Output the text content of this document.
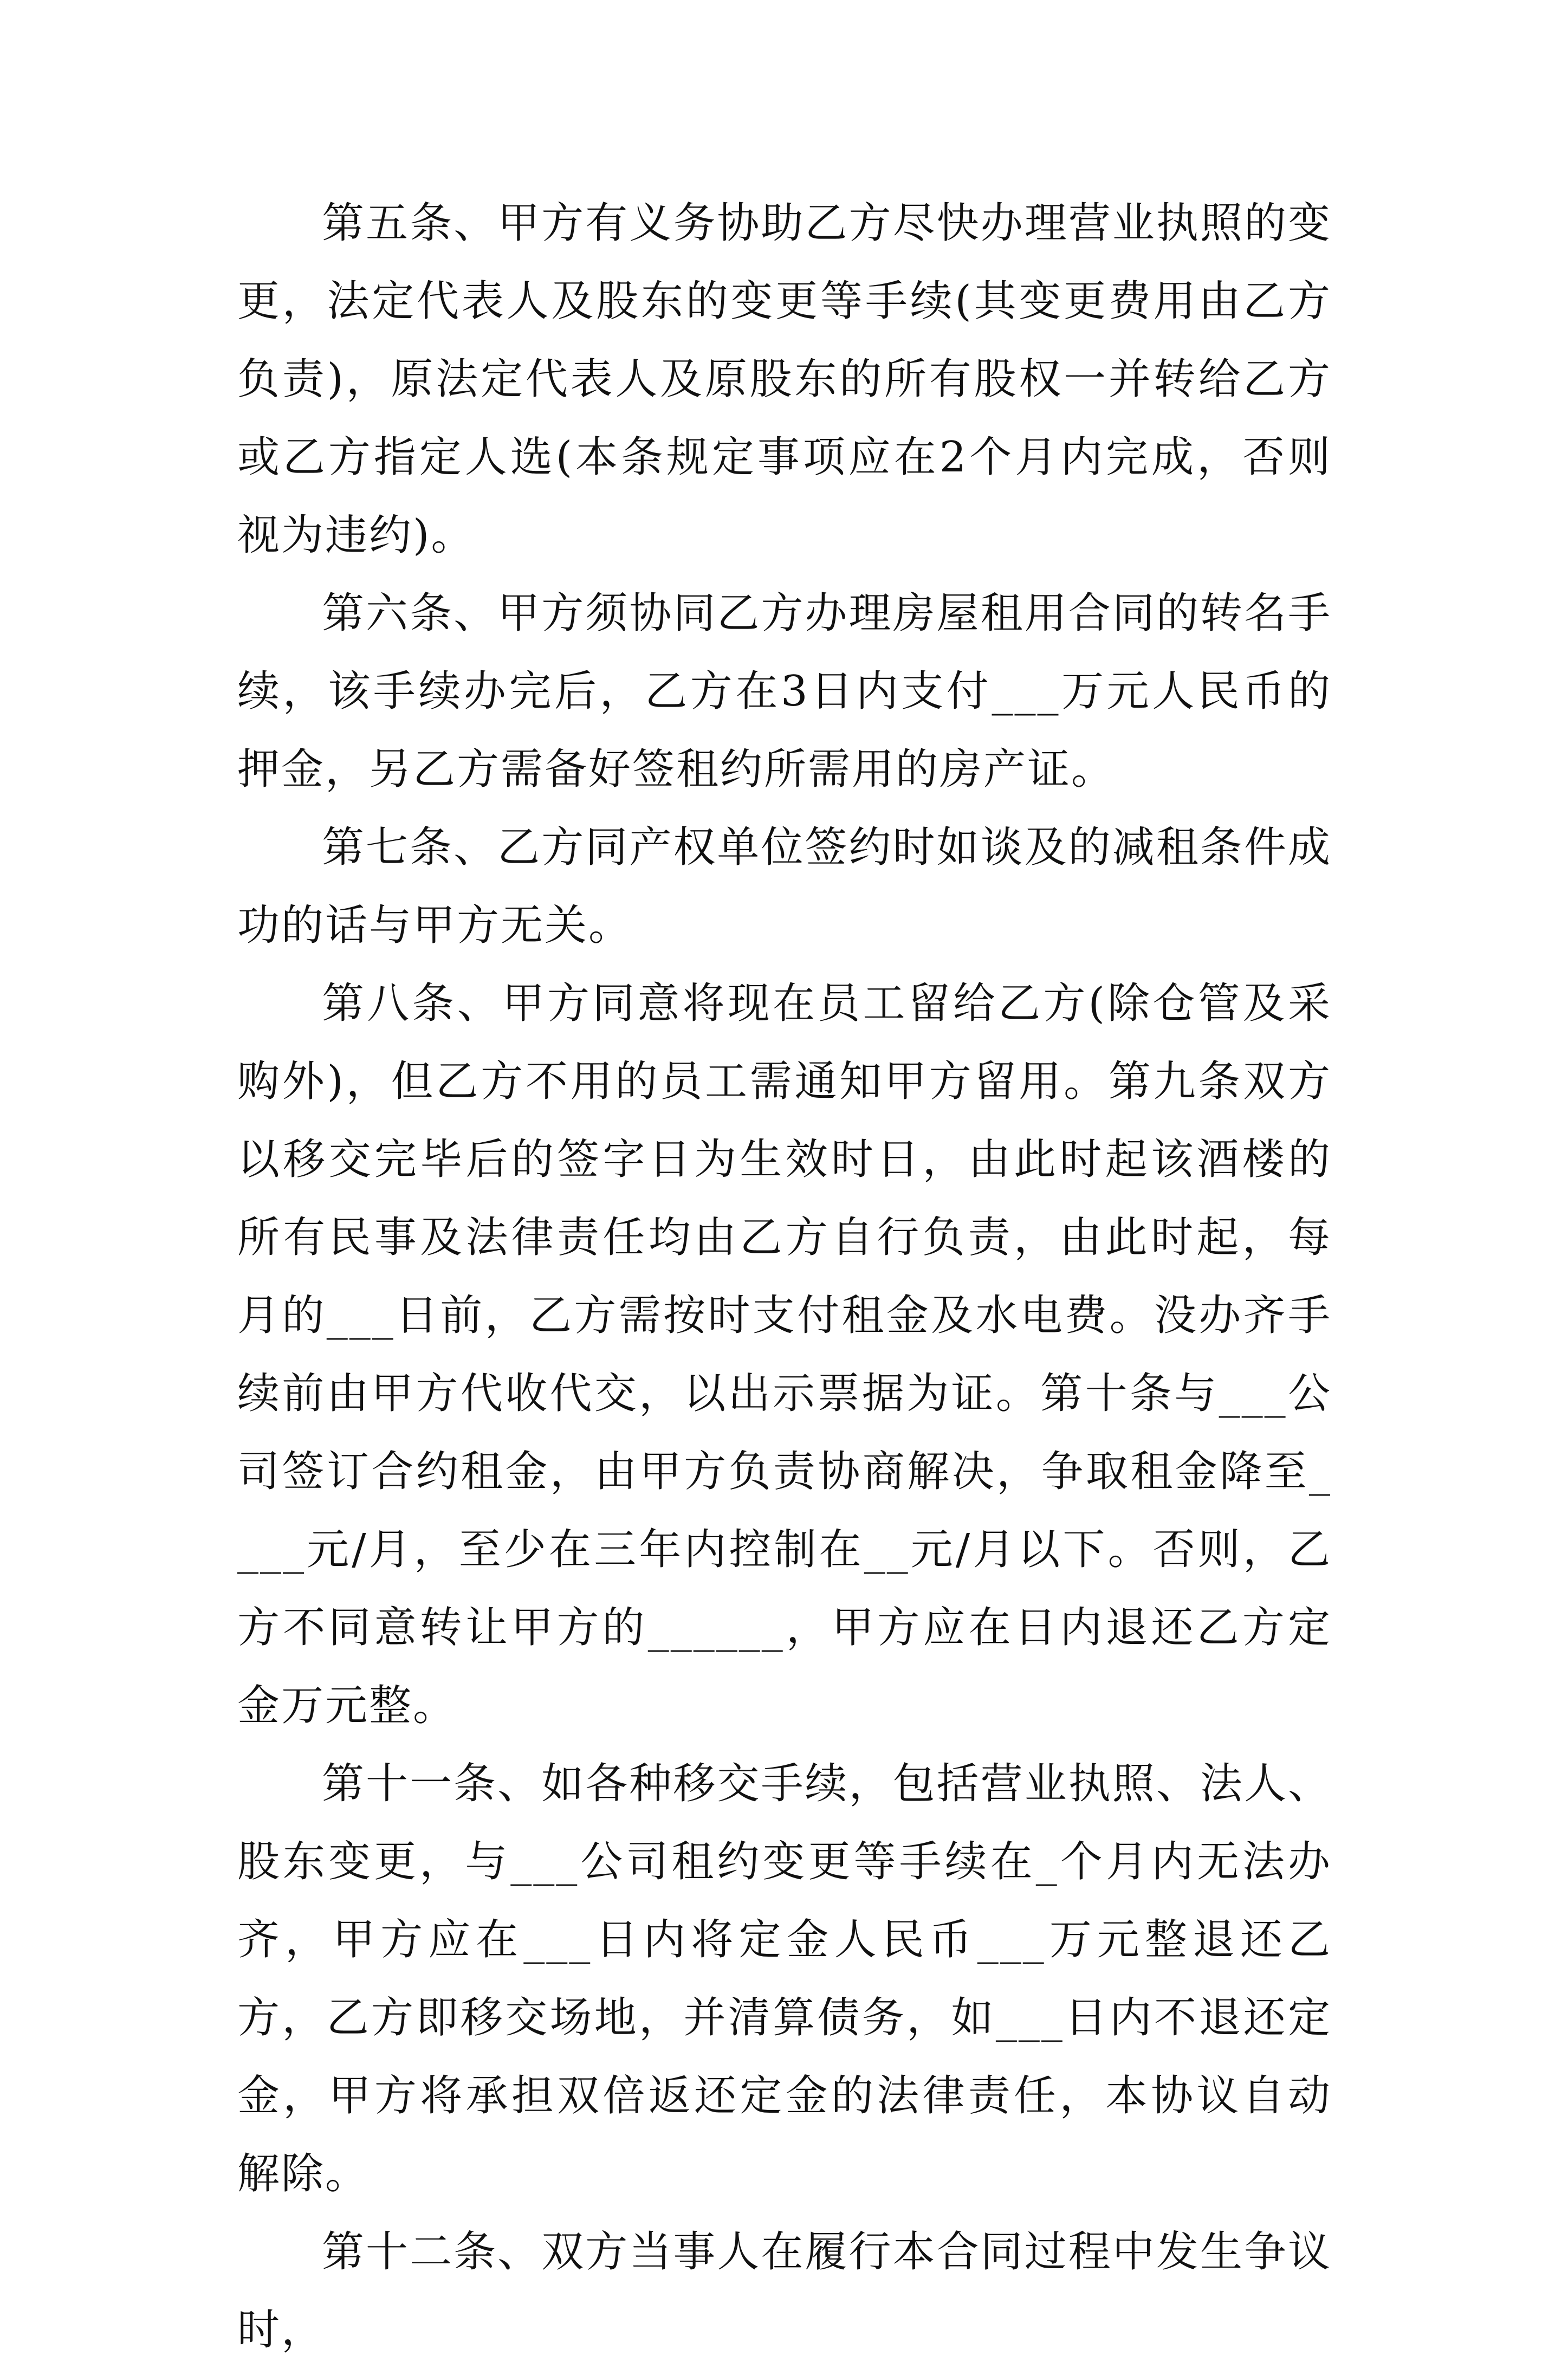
第五条、甲方有义务协助乙方尽快办理营业执照的变更，法定代表人及股东的变更等手续(其变更费用由乙方负责)，原法定代表人及原股东的所有股权一并转给乙方或乙方指定人选(本条规定事项应在2个月内完成，否则视为违约)。

第六条、甲方须协同乙方办理房屋租用合同的转名手续，该手续办完后，乙方在3日内支付___万元人民币的押金，另乙方需备好签租约所需用的房产证。

第七条、乙方同产权单位签约时如谈及的减租条件成功的话与甲方无关。

第八条、甲方同意将现在员工留给乙方(除仓管及采购外)，但乙方不用的员工需通知甲方留用。第九条双方以移交完毕后的签字日为生效时日，由此时起该酒楼的所有民事及法律责任均由乙方自行负责，由此时起，每月的___日前，乙方需按时支付租金及水电费。没办齐手续前由甲方代收代交，以出示票据为证。第十条与___公司签订合约租金，由甲方负责协商解决，争取租金降至____元/月，至少在三年内控制在__元/月以下。否则，乙方不同意转让甲方的______，甲方应在日内退还乙方定金万元整。

第十一条、如各种移交手续，包括营业执照、法人、股东变更，与___公司租约变更等手续在_个月内无法办齐，甲方应在___日内将定金人民币___万元整退还乙方，乙方即移交场地，并清算债务，如___日内不退还定金，甲方将承担双倍返还定金的法律责任，本协议自动解除。

第十二条、双方当事人在履行本合同过程中发生争议时，
